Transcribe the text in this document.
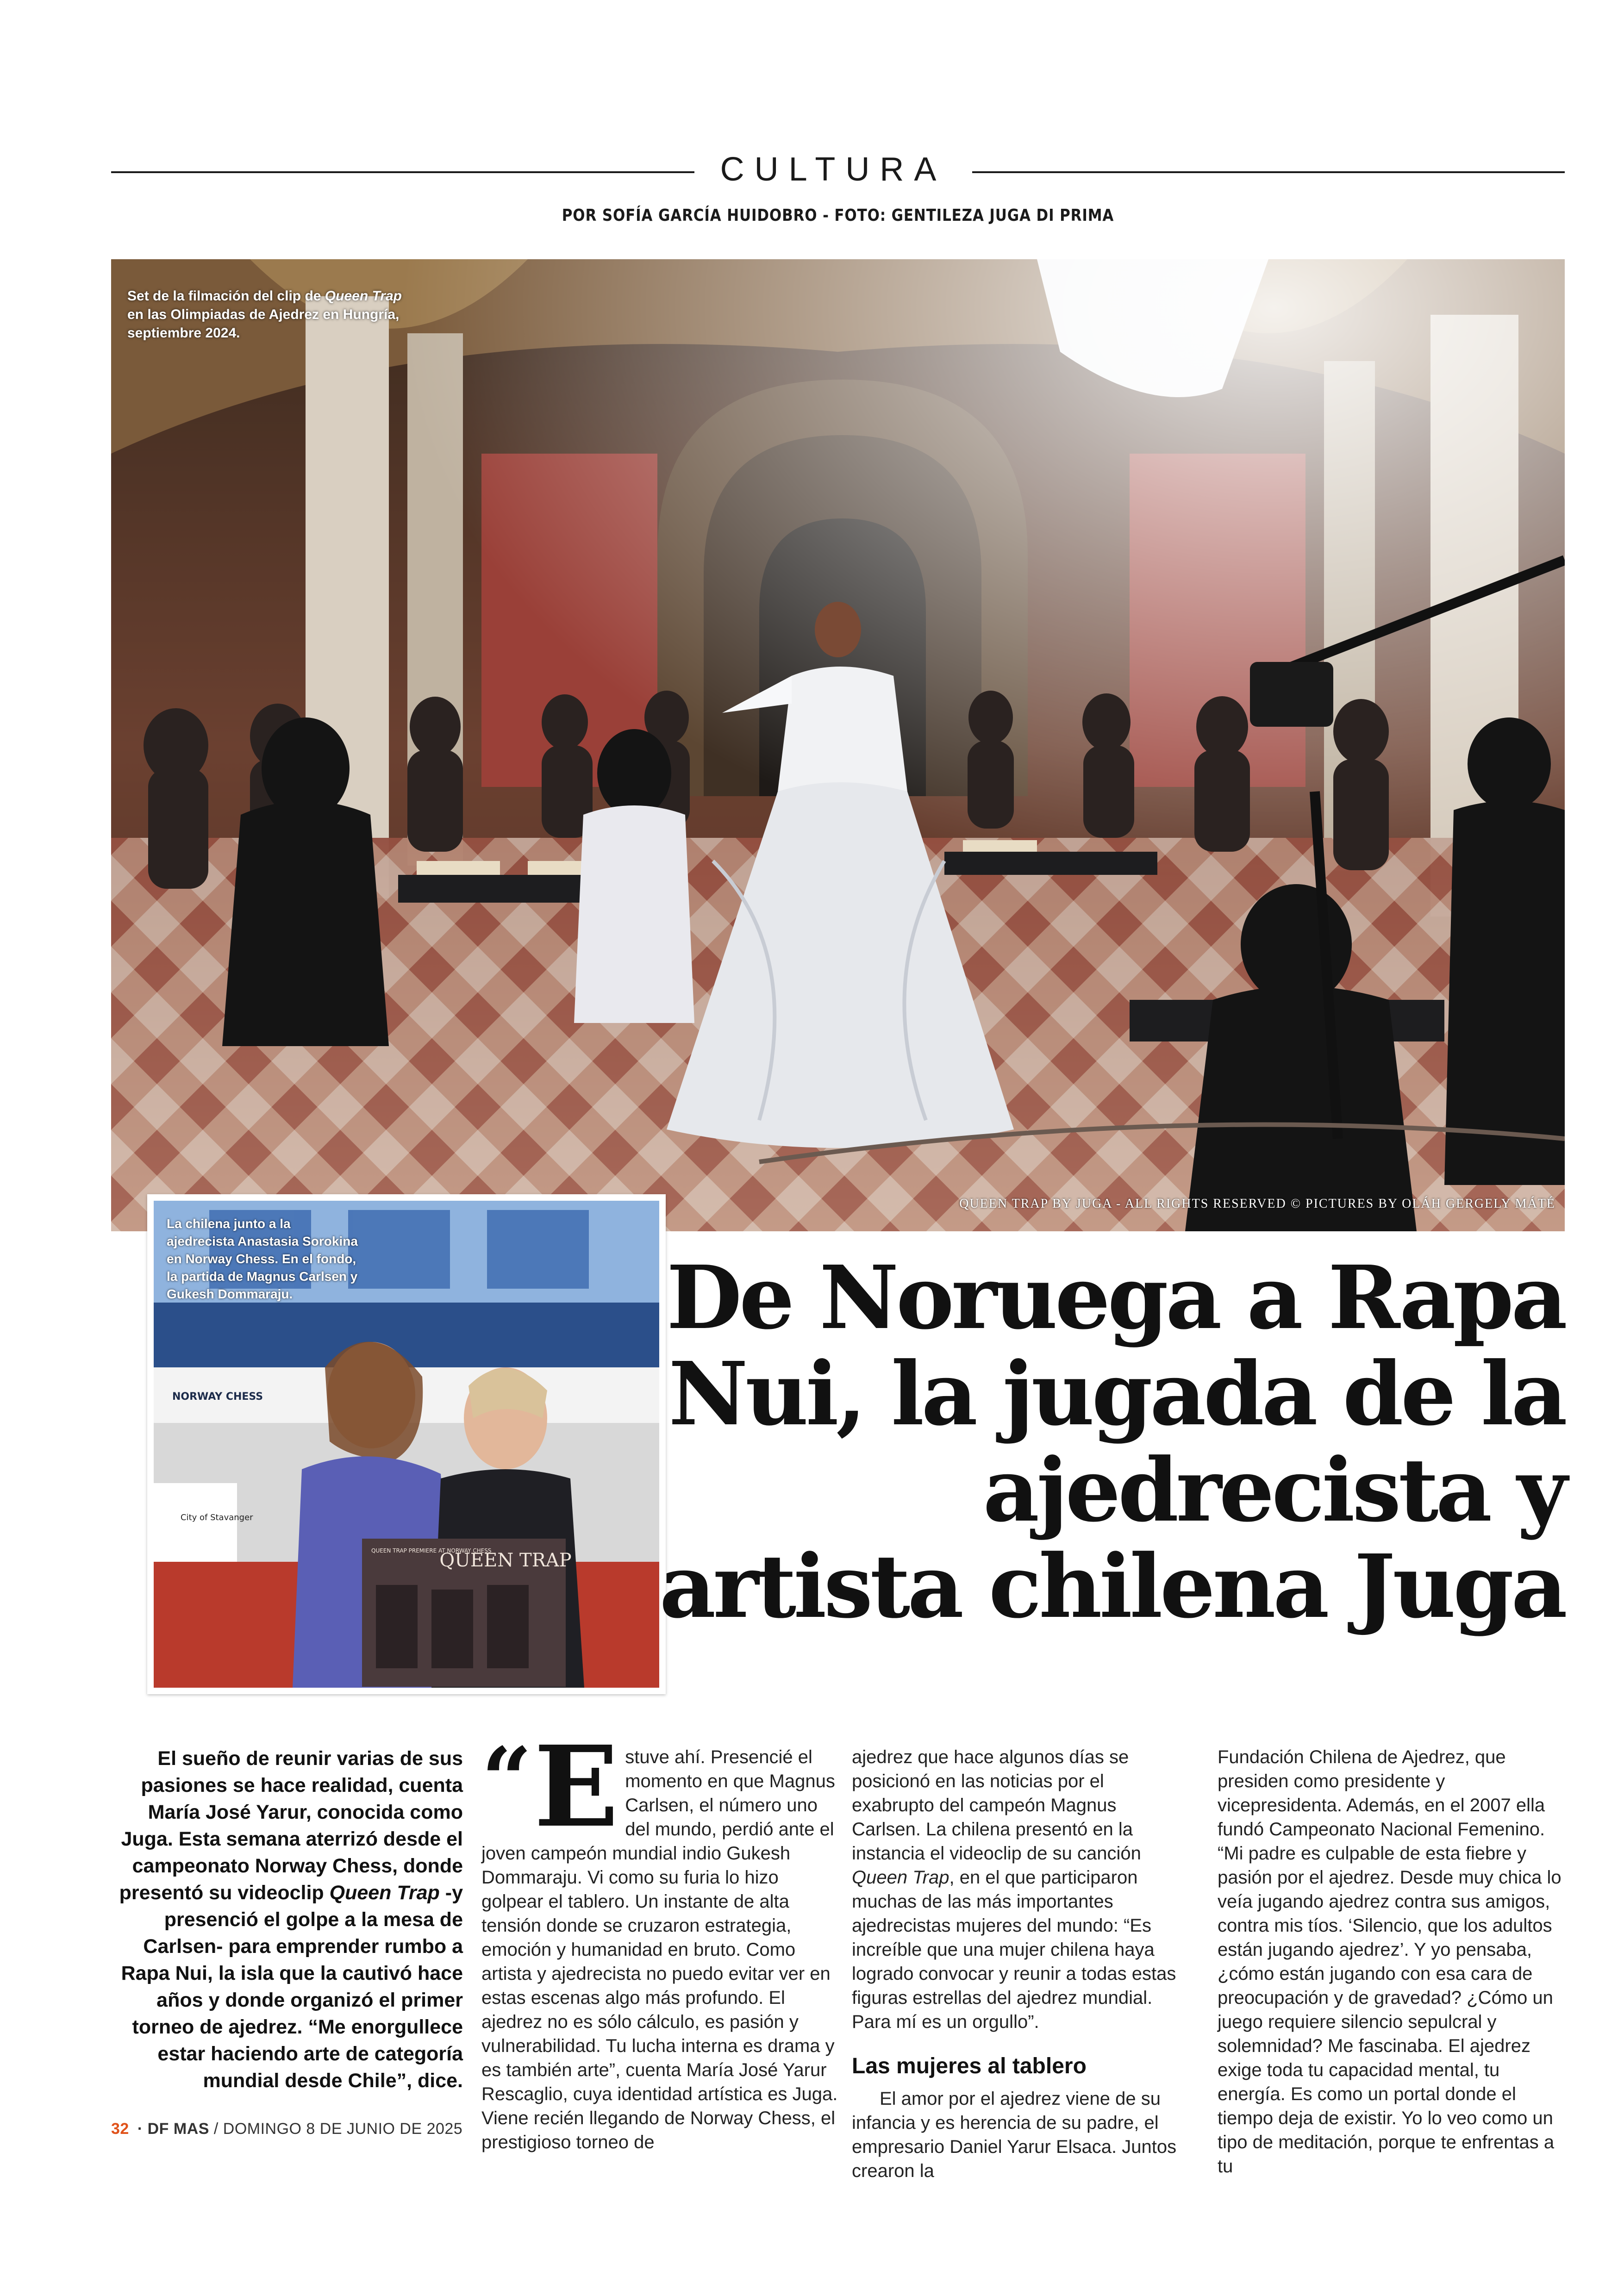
CULTURA
POR SOFÍA GARCÍA HUIDOBRO - FOTO: GENTILEZA JUGA DI PRIMA
Set de la filmación del clip de Queen Trap en las Olimpiadas de Ajedrez en Hungría, septiembre 2024.
QUEEN TRAP BY JUGA - ALL RIGHTS RESERVED © PICTURES BY OLÁH GERGELY MÁTÉ
NORWAY CHESS
City of Stavanger
QUEEN TRAP
QUEEN TRAP PREMIERE AT NORWAY CHESS
La chilena junto a la ajedrecista Anastasia Sorokina en Norway Chess. En el fondo, la partida de Magnus Carlsen y Gukesh Dommaraju.	De Noruega a Rapa Nui, la jugada de la ajedrecista y artista chilena Juga
El sueño de reunir varias de sus pasiones se hace realidad, cuenta María José Yarur, conocida como Juga. Esta semana aterrizó desde el campeonato Norway Chess, donde presentó su videoclip Queen Trap -y presenció el golpe a la mesa de Carlsen- para emprender rumbo a Rapa Nui, la isla que la cautivó hace años y donde organizó el primer torneo de ajedrez. “Me enorgullece estar haciendo arte de categoría mundial desde Chile”, dice.
“ E stuve ahí. Presencié el momento en que Magnus Carlsen, el número uno del mundo, perdió ante el joven campeón mundial indio Gukesh Dommaraju. Vi como su furia lo hizo golpear el tablero. Un instante de alta tensión donde se cruzaron estrategia, emoción y humanidad en bruto. Como artista y ajedrecista no puedo evitar ver en estas escenas algo más profundo. El ajedrez no es sólo cálculo, es pasión y vulnerabilidad. Tu lucha interna es drama y es también arte”, cuenta María José Yarur Rescaglio, cuya identidad artística es Juga. Viene recién llegando de Norway Chess, el prestigioso torneo de

ajedrez que hace algunos días se posicionó en las noticias por el exabrupto del campeón Magnus Carlsen. La chilena presentó en la instancia el videoclip de su canción Queen Trap, en el que participaron muchas de las más importantes ajedrecistas mujeres del mundo: “Es increíble que una mujer chilena haya logrado convocar y reunir a todas estas figuras estrellas del ajedrez mundial. Para mí es un orgullo”.

Las mujeres al tablero

El amor por el ajedrez viene de su infancia y es herencia de su padre, el empresario Daniel Yarur Elsaca. Juntos crearon la

Fundación Chilena de Ajedrez, que presiden como presidente y vicepresidenta. Además, en el 2007 ella fundó Campeonato Nacional Femenino. “Mi padre es culpable de esta fiebre y pasión por el ajedrez. Desde muy chica lo veía jugando ajedrez contra sus amigos, contra mis tíos. ‘Silencio, que los adultos están jugando ajedrez’. Y yo pensaba, ¿cómo están jugando con esa cara de preocupación y de gravedad? ¿Cómo un juego requiere silencio sepulcral y solemnidad? Me fascinaba. El ajedrez exige toda tu capacidad mental, tu energía. Es como un portal donde el tiempo deja de existir. Yo lo veo como un tipo de meditación, porque te enfrentas a tu

32 · DF MAS / DOMINGO 8 DE JUNIO DE 2025
